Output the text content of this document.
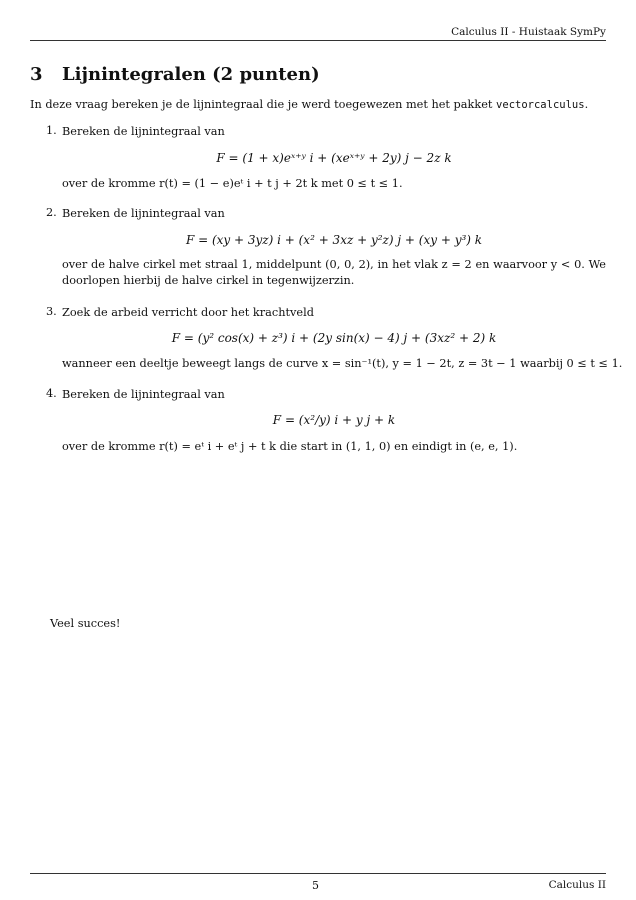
Calculus II - Huistaak SymPy
3 Lijnintegralen (2 punten)
In deze vraag bereken je de lijnintegraal die je werd toegewezen met het pakket vectorcalculus.
1. Bereken de lijnintegraal van
F = (1 + x)eˣ⁺ʸ i + (xeˣ⁺ʸ + 2y) j − 2z k
over de kromme r(t) = (1 − e)eᵗ i + t j + 2t k met 0 ≤ t ≤ 1.
2. Bereken de lijnintegraal van
F = (xy + 3yz) i + (x² + 3xz + y²z) j + (xy + y³) k
over de halve cirkel met straal 1, middelpunt (0, 0, 2), in het vlak z = 2 en waarvoor y < 0. We doorlopen hierbij de halve cirkel in tegenwijzerzin.
3. Zoek de arbeid verricht door het krachtveld
F = (y² cos(x) + z³) i + (2y sin(x) − 4) j + (3xz² + 2) k
wanneer een deeltje beweegt langs de curve x = sin⁻¹(t), y = 1 − 2t, z = 3t − 1 waarbij 0 ≤ t ≤ 1.
4. Bereken de lijnintegraal van
F = (x²/y) i + y j + k
over de kromme r(t) = eᵗ i + eᵗ j + t k die start in (1, 1, 0) en eindigt in (e, e, 1).
Veel succes!
5	Calculus II
